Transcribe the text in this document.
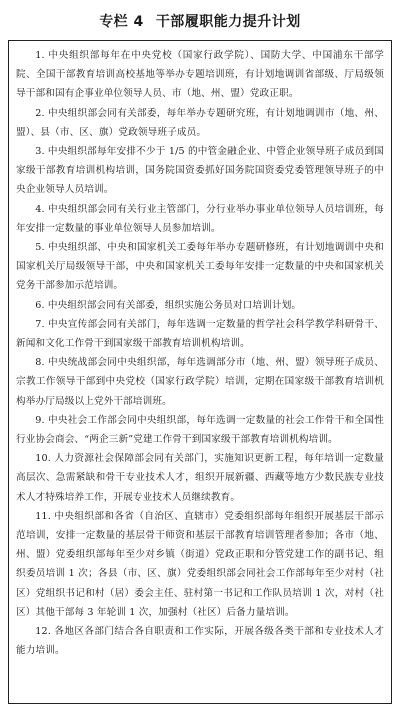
专栏 4 干部履职能力提升计划

1. 中央组织部每年在中央党校（国家行政学院）、国防大学、中国浦东干部学院、全国干部教育培训高校基地等举办专题培训班，有计划地调训省部级、厅局级领导干部和国有企事业单位领导人员、市（地、州、盟）党政正职。

2. 中央组织部会同有关部委，每年举办专题研究班，有计划地调训市（地、州、盟）、县（市、区、旗）党政领导班子成员。

3. 中央组织部每年安排不少于 1/5 的中管金融企业、中管企业领导班子成员到国家级干部教育培训机构培训，国务院国资委抓好国务院国资委党委管理领导班子的中央企业领导人员培训。

4. 中央组织部会同有关行业主管部门，分行业举办事业单位领导人员培训班，每年安排一定数量的事业单位领导人员参加培训。

5. 中央组织部、中央和国家机关工委每年举办专题研修班，有计划地调训中央和国家机关厅局级领导干部，中央和国家机关工委每年安排一定数量的中央和国家机关党务干部参加示范培训。

6. 中央组织部会同有关部委，组织实施公务员对口培训计划。

7. 中央宣传部会同有关部门，每年选调一定数量的哲学社会科学教学科研骨干、新闻和文化工作骨干到国家级干部教育培训机构培训。

8. 中央统战部会同中央组织部，每年选调部分市（地、州、盟）领导班子成员、宗教工作领导干部到中央党校（国家行政学院）培训，定期在国家级干部教育培训机构举办厅局级以上党外干部培训班。

9. 中央社会工作部会同中央组织部，每年选调一定数量的社会工作骨干和全国性行业协会商会、“两企三新”党建工作骨干到国家级干部教育培训机构培训。

10. 人力资源社会保障部会同有关部门，实施知识更新工程，每年培训一定数量高层次、急需紧缺和骨干专业技术人才，组织开展新疆、西藏等地方少数民族专业技术人才特殊培养工作，开展专业技术人员继续教育。

11. 中央组织部和各省（自治区、直辖市）党委组织部每年组织开展基层干部示范培训，安排一定数量的基层骨干师资和基层干部教育培训管理者参加；各市（地、州、盟）党委组织部每年至少对乡镇（街道）党政正职和分管党建工作的副书记、组织委员培训 1 次；各县（市、区、旗）党委组织部会同社会工作部每年至少对村（社区）党组织书记和村（居）委会主任、驻村第一书记和工作队员培训 1 次，对村（社区）其他干部每 3 年轮训 1 次，加强村（社区）后备力量培训。

12. 各地区各部门结合各自职责和工作实际，开展各级各类干部和专业技术人才能力培训。
